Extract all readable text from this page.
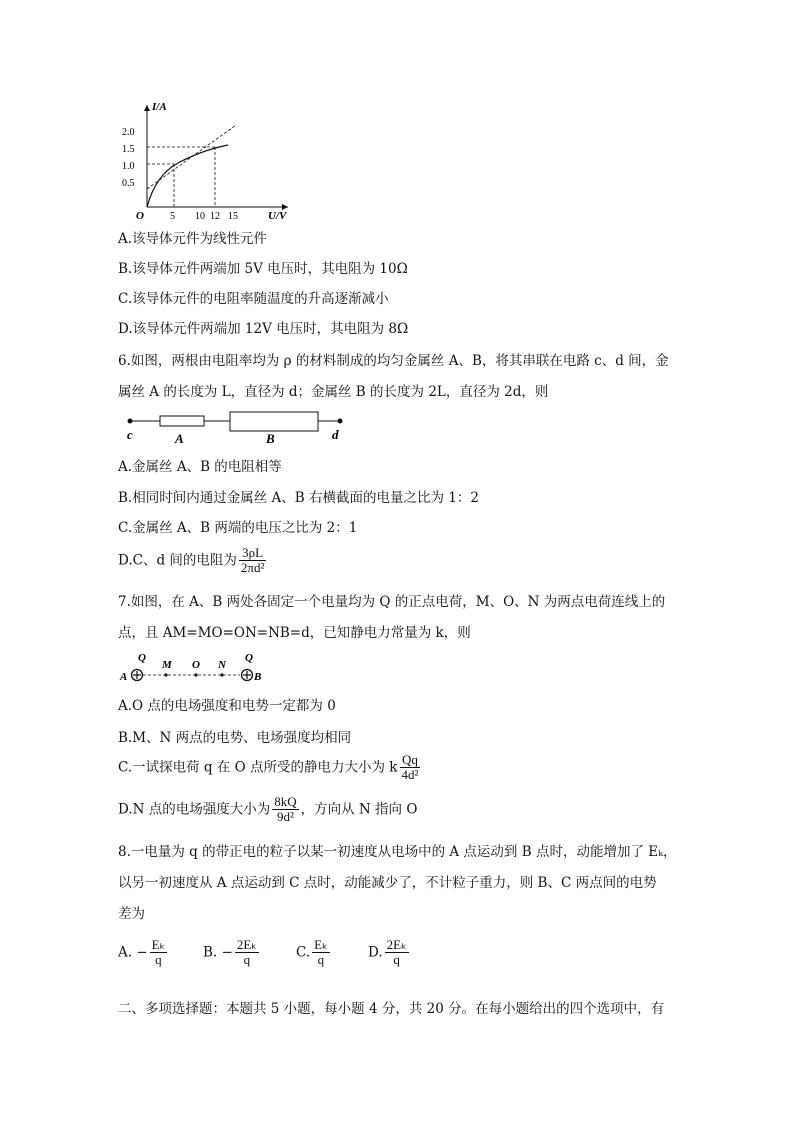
I/A
U/V
O
2.0
1.5
1.0
0.5
5 10 12 15
A.该导体元件为线性元件
B.该导体元件两端加 5V 电压时，其电阻为 10Ω
C.该导体元件的电阻率随温度的升高逐渐减小
D.该导体元件两端加 12V 电压时，其电阻为 8Ω
6.如图，两根由电阻率均为 ρ 的材料制成的均匀金属丝 A、B，将其串联在电路 c、d 间，金
属丝 A 的长度为 L，直径为 d；金属丝 B 的长度为 2L，直径为 2d，则
c	A	B	d
A.金属丝 A、B 的电阻相等
B.相同时间内通过金属丝 A、B 右横截面的电量之比为 1：2
C.金属丝 A、B 两端的电压之比为 2：1
D.C、d 间的电阻为 $\frac{3\rho L}{\text{2πd²}}$
7.如图，在 A、B 两处各固定一个电量均为 Q 的正点电荷，M、O、N 为两点电荷连线上的
点，且 AM=MO=ON=NB=d，已知静电力常量为 k，则
Q	Q
A
M O N
B
A.O 点的电场强度和电势一定都为 0
B.M、N 两点的电势、电场强度均相同
C.一试探电荷 q 在 O 点所受的静电力大小为 k $\frac{Qq}{\text{4d²}}$
D.N 点的电场强度大小为 $\frac{8kQ}{\text{9d²}}$ ，方向从 N 指向 O
8.一电量为 q 的带正电的粒子以某一初速度从电场中的 A 点运动到 B 点时，动能增加了 Eₖ，
以另一初速度从 A 点运动到 C 点时，动能减少了，不计粒子重力，则 B、C 两点间的电势
差为
A. − $\frac{\text{Eₖ}}{q}$	B. − $\frac{\text{2Eₖ}}{q}$	C. $\frac{\text{Eₖ}}{q}$	D. $\frac{\text{2Eₖ}}{q}$
二、多项选择题：本题共 5 小题，每小题 4 分，共 20 分。在每小题给出的四个选项中，有
